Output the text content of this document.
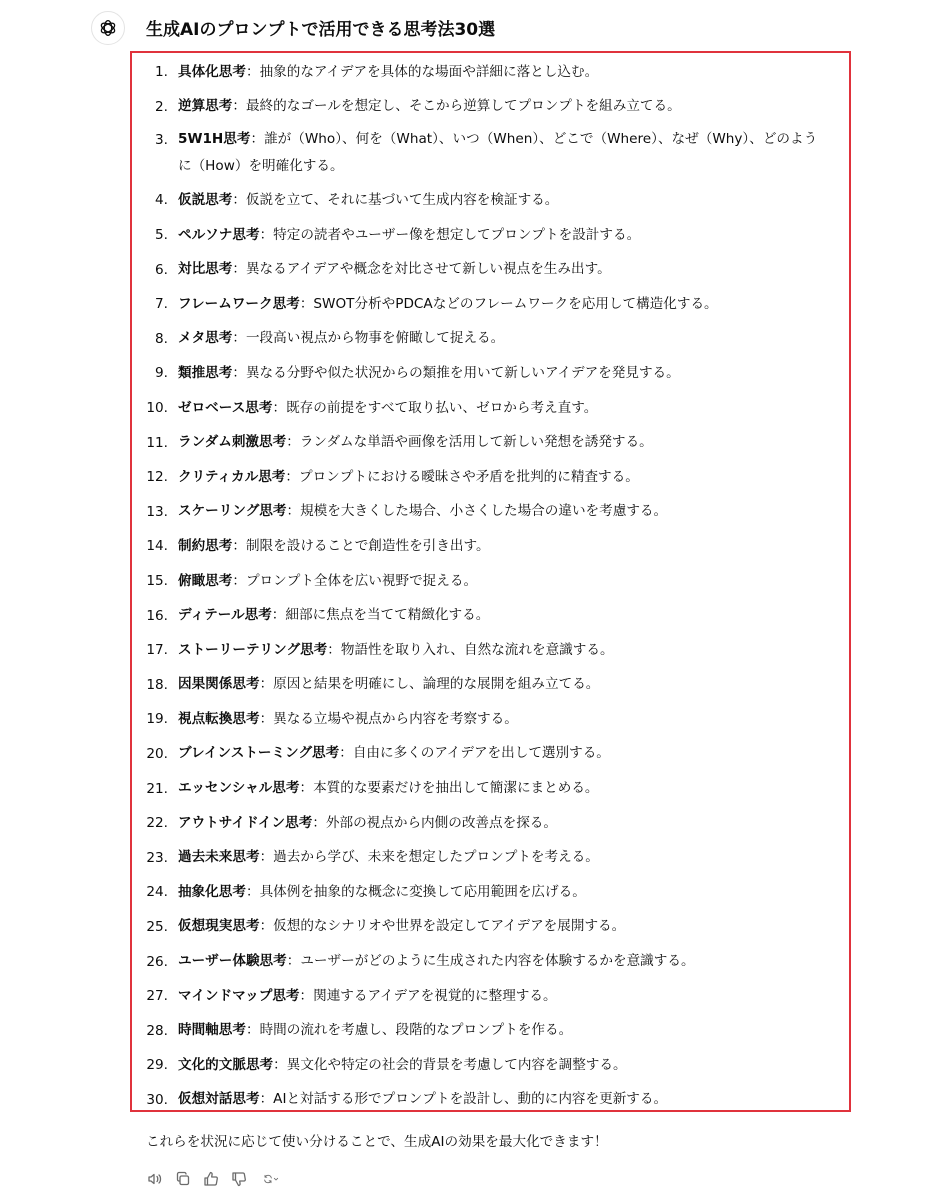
生成AIのプロンプトで活用できる思考法30選
1. 具体化思考：抽象的なアイデアを具体的な場面や詳細に落とし込む。
2. 逆算思考：最終的なゴールを想定し、そこから逆算してプロンプトを組み立てる。
3. 5W1H思考：誰が（Who）、何を（What）、いつ（When）、どこで（Where）、なぜ（Why）、どのように（How）を明確化する。
4. 仮説思考：仮説を立て、それに基づいて生成内容を検証する。
5. ペルソナ思考：特定の読者やユーザー像を想定してプロンプトを設計する。
6. 対比思考：異なるアイデアや概念を対比させて新しい視点を生み出す。
7. フレームワーク思考：SWOT分析やPDCAなどのフレームワークを応用して構造化する。
8. メタ思考：一段高い視点から物事を俯瞰して捉える。
9. 類推思考：異なる分野や似た状況からの類推を用いて新しいアイデアを発見する。
10. ゼロベース思考：既存の前提をすべて取り払い、ゼロから考え直す。
11. ランダム刺激思考：ランダムな単語や画像を活用して新しい発想を誘発する。
12. クリティカル思考：プロンプトにおける曖昧さや矛盾を批判的に精査する。
13. スケーリング思考：規模を大きくした場合、小さくした場合の違いを考慮する。
14. 制約思考：制限を設けることで創造性を引き出す。
15. 俯瞰思考：プロンプト全体を広い視野で捉える。
16. ディテール思考：細部に焦点を当てて精緻化する。
17. ストーリーテリング思考：物語性を取り入れ、自然な流れを意識する。
18. 因果関係思考：原因と結果を明確にし、論理的な展開を組み立てる。
19. 視点転換思考：異なる立場や視点から内容を考察する。
20. ブレインストーミング思考：自由に多くのアイデアを出して選別する。
21. エッセンシャル思考：本質的な要素だけを抽出して簡潔にまとめる。
22. アウトサイドイン思考：外部の視点から内側の改善点を探る。
23. 過去未来思考：過去から学び、未来を想定したプロンプトを考える。
24. 抽象化思考：具体例を抽象的な概念に変換して応用範囲を広げる。
25. 仮想現実思考：仮想的なシナリオや世界を設定してアイデアを展開する。
26. ユーザー体験思考：ユーザーがどのように生成された内容を体験するかを意識する。
27. マインドマップ思考：関連するアイデアを視覚的に整理する。
28. 時間軸思考：時間の流れを考慮し、段階的なプロンプトを作る。
29. 文化的文脈思考：異文化や特定の社会的背景を考慮して内容を調整する。
30. 仮想対話思考：AIと対話する形でプロンプトを設計し、動的に内容を更新する。
これらを状況に応じて使い分けることで、生成AIの効果を最大化できます！
